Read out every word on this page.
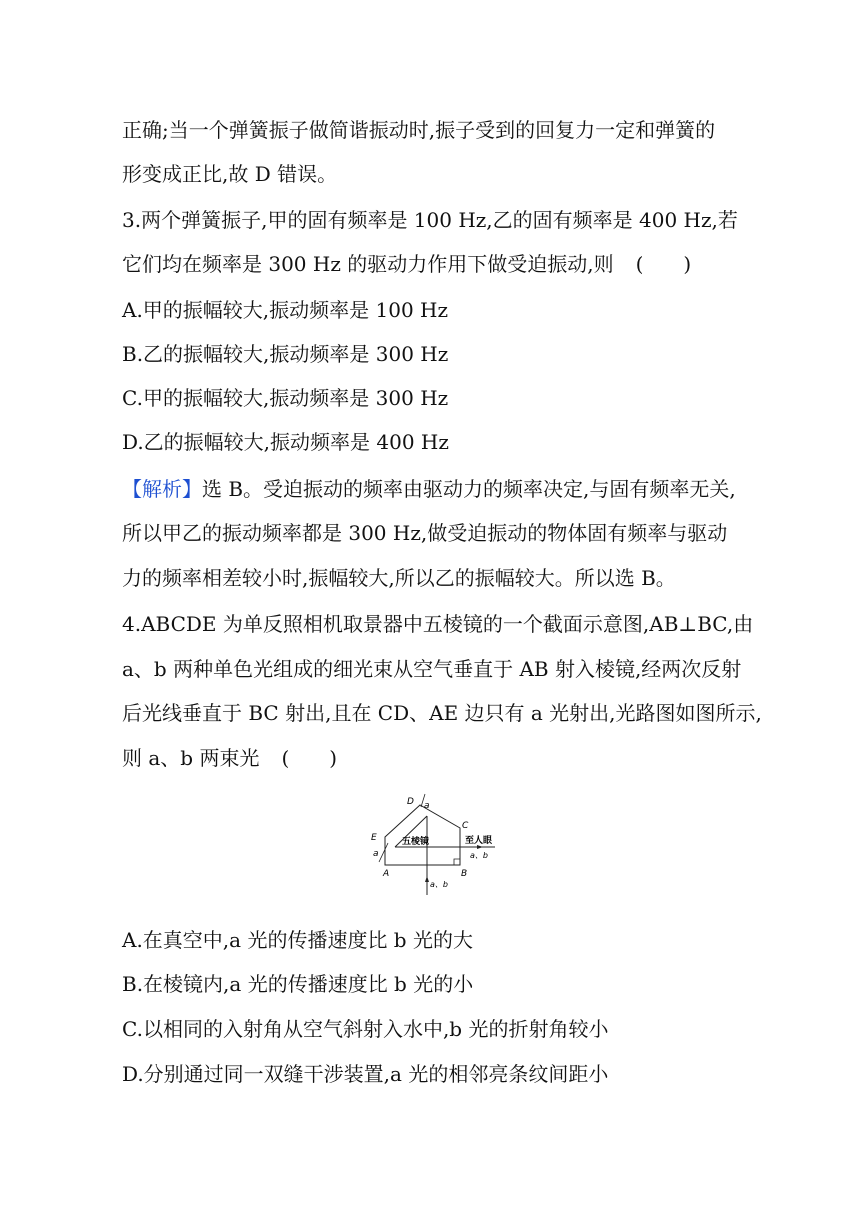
正确;当一个弹簧振子做简谐振动时,振子受到的回复力一定和弹簧的
形变成正比,故 D 错误。
3.两个弹簧振子,甲的固有频率是 100 Hz,乙的固有频率是 400 Hz,若
它们均在频率是 300 Hz 的驱动力作用下做受迫振动,则 (　　)
A.甲的振幅较大,振动频率是 100 Hz
B.乙的振幅较大,振动频率是 300 Hz
C.甲的振幅较大,振动频率是 300 Hz
D.乙的振幅较大,振动频率是 400 Hz
【解析】选 B。受迫振动的频率由驱动力的频率决定,与固有频率无关,
所以甲乙的振动频率都是 300 Hz,做受迫振动的物体固有频率与驱动
力的频率相差较小时,振幅较大,所以乙的振幅较大。所以选 B。
4.ABCDE 为单反照相机取景器中五棱镜的一个截面示意图,AB⊥BC,由
a、b 两种单色光组成的细光束从空气垂直于 AB 射入棱镜,经两次反射
后光线垂直于 BC 射出,且在 CD、AE 边只有 a 光射出,光路图如图所示,
则 a、b 两束光 (　　)
D a
E
a
A	B
C
五棱镜	至人眼
a、b
a、b
A.在真空中,a 光的传播速度比 b 光的大
B.在棱镜内,a 光的传播速度比 b 光的小
C.以相同的入射角从空气斜射入水中,b 光的折射角较小
D.分别通过同一双缝干涉装置,a 光的相邻亮条纹间距小
